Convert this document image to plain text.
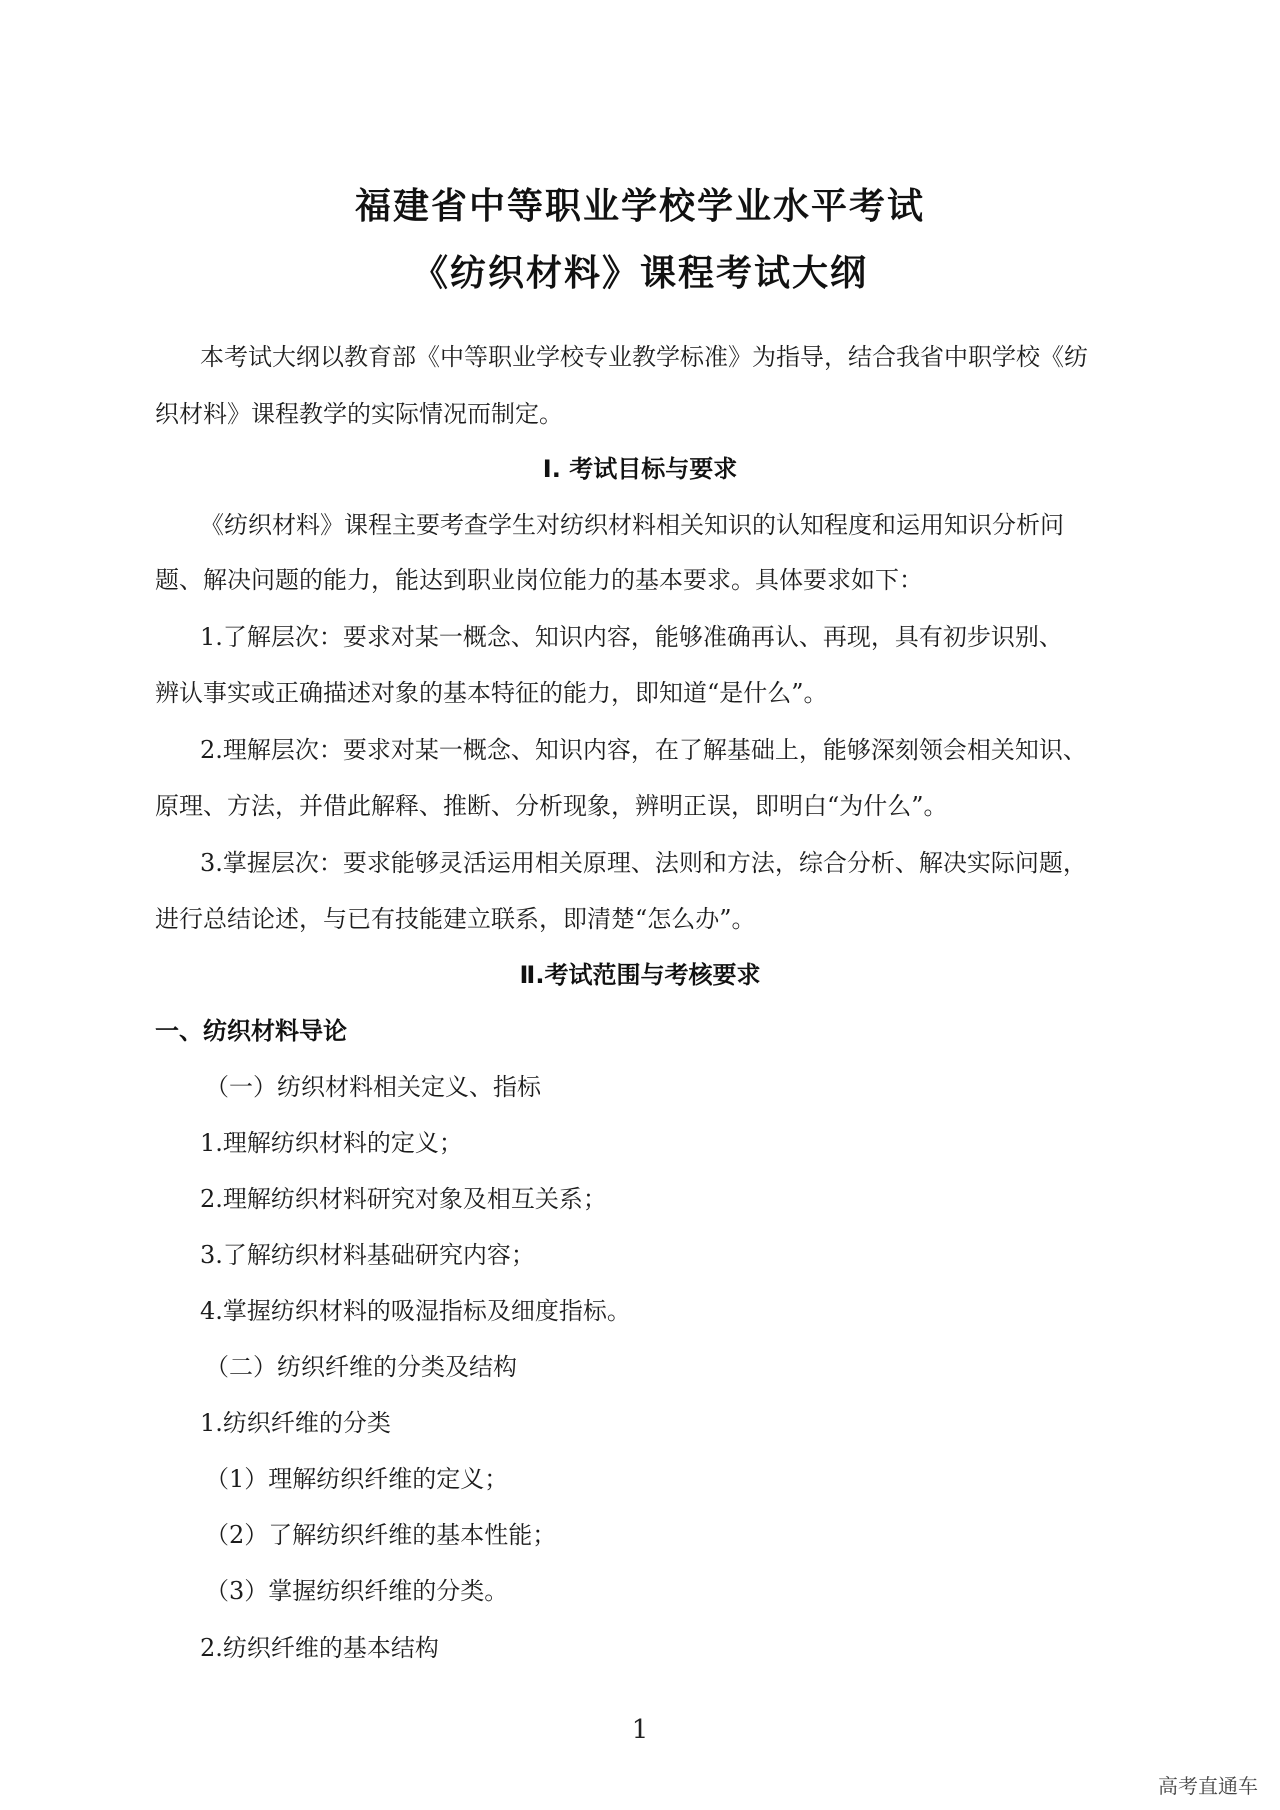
福建省中等职业学校学业水平考试
《纺织材料》课程考试大纲
本考试大纲以教育部《中等职业学校专业教学标准》为指导，结合我省中职学校《纺
织材料》课程教学的实际情况而制定。
Ⅰ. 考试目标与要求
《纺织材料》课程主要考查学生对纺织材料相关知识的认知程度和运用知识分析问
题、解决问题的能力，能达到职业岗位能力的基本要求。具体要求如下：
1.了解层次：要求对某一概念、知识内容，能够准确再认、再现，具有初步识别、
辨认事实或正确描述对象的基本特征的能力，即知道“是什么”。
2.理解层次：要求对某一概念、知识内容，在了解基础上，能够深刻领会相关知识、
原理、方法，并借此解释、推断、分析现象，辨明正误，即明白“为什么”。
3.掌握层次：要求能够灵活运用相关原理、法则和方法，综合分析、解决实际问题，
进行总结论述，与已有技能建立联系，即清楚“怎么办”。
Ⅱ.考试范围与考核要求
一、纺织材料导论
（一）纺织材料相关定义、指标
1.理解纺织材料的定义；
2.理解纺织材料研究对象及相互关系；
3.了解纺织材料基础研究内容；
4.掌握纺织材料的吸湿指标及细度指标。
（二）纺织纤维的分类及结构
1.纺织纤维的分类
（1）理解纺织纤维的定义；
（2）了解纺织纤维的基本性能；
（3）掌握纺织纤维的分类。
2.纺织纤维的基本结构
1
高考直通车
